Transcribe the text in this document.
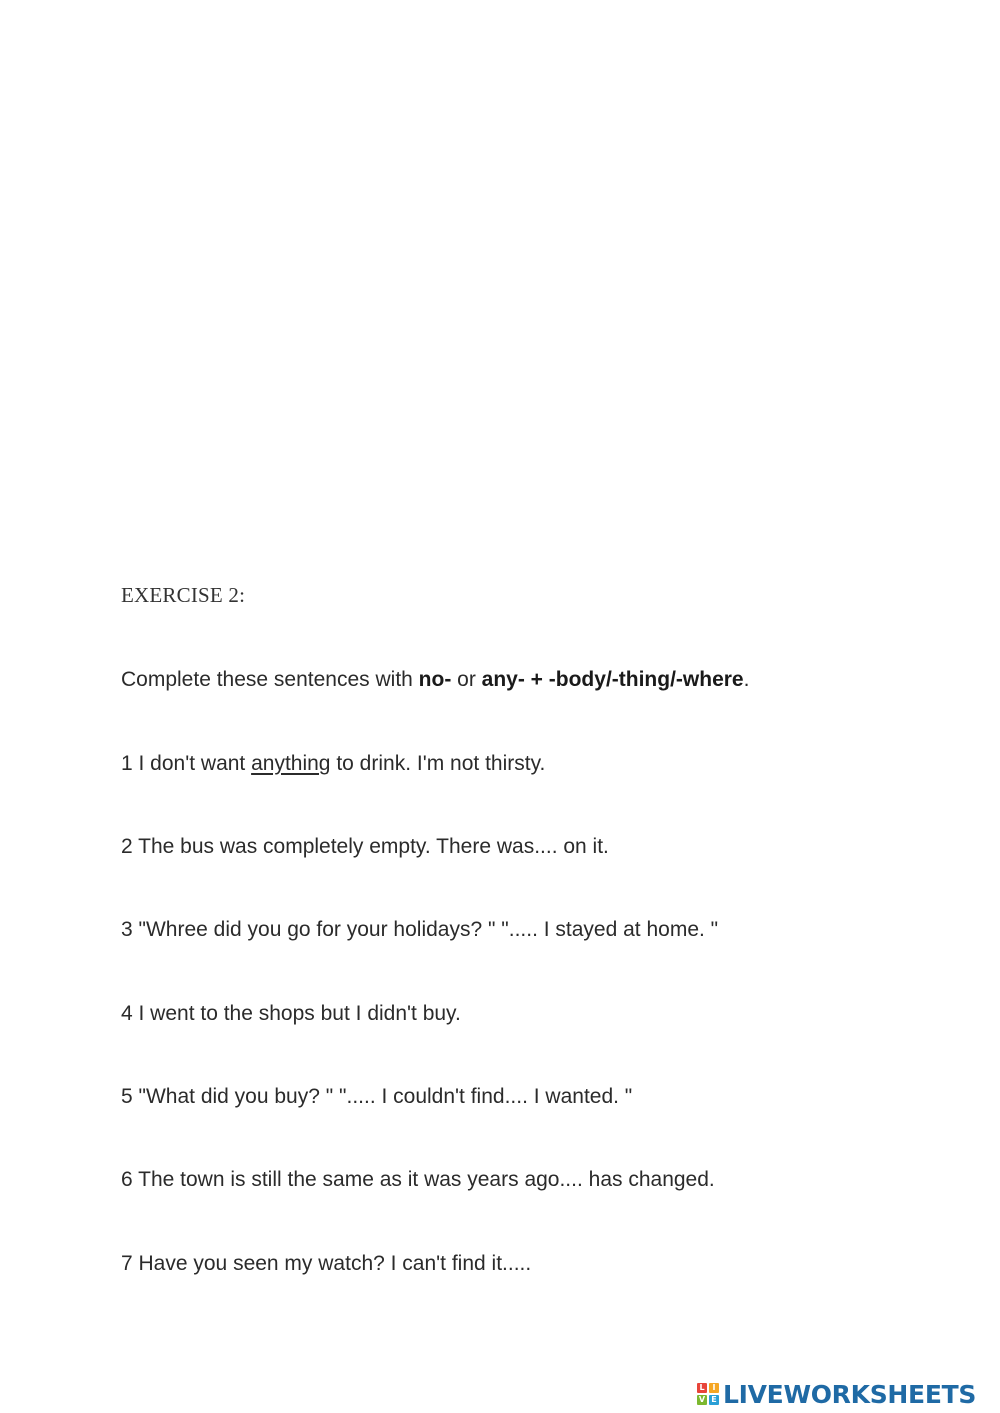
EXERCISE 2:
Complete these sentences with no- or any- + -body/-thing/-where.
1 I don't want anything to drink. I'm not thirsty.
2 The bus was completely empty. There was.... on it.
3 "Whree did you go for your holidays? " "..... I stayed at home. "
4 I went to the shops but I didn't buy.
5 "What did you buy? " "..... I couldn't find.... I wanted. "
6 The town is still the same as it was years ago.... has changed.
7 Have you seen my watch? I can't find it.....
L I
V E LIVEWORKSHEETS
